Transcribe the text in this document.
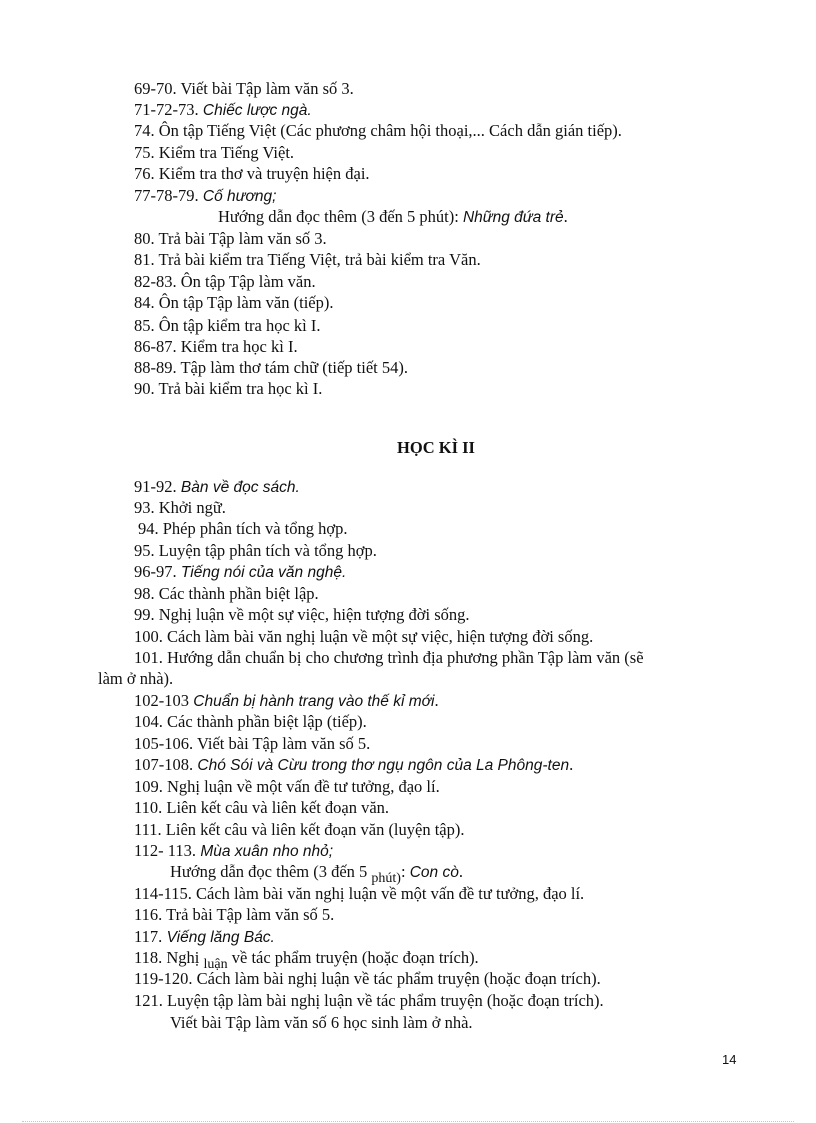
69-70. Viết bài Tập làm văn số 3.
71-72-73. Chiếc lược ngà.
74. Ôn tập Tiếng Việt (Các phương châm hội thoại,... Cách dẫn gián tiếp).
75. Kiểm tra Tiếng Việt.
76. Kiểm tra thơ và truyện hiện đại.
77-78-79. Cố hương;
Hướng dẫn đọc thêm (3 đến 5 phút): Những đứa trẻ.
80. Trả bài Tập làm văn số 3.
81. Trả bài kiểm tra Tiếng Việt, trả bài kiểm tra Văn.
82-83. Ôn tập Tập làm văn.
84. Ôn tập Tập làm văn (tiếp).
85. Ôn tập kiểm tra học kì I.
86-87. Kiểm tra học kì I.
88-89. Tập làm thơ tám chữ (tiếp tiết 54).
90. Trả bài kiểm tra học kì I.
91-92. Bàn về đọc sách.
93. Khởi ngữ.
94. Phép phân tích và tổng hợp.
95. Luyện tập phân tích và tổng hợp.
96-97. Tiếng nói của văn nghệ.
98. Các thành phần biệt lập.
99. Nghị luận về một sự việc, hiện tượng đời sống.
100. Cách làm bài văn nghị luận về một sự việc, hiện tượng đời sống.
101. Hướng dẫn chuẩn bị cho chương trình địa phương phần Tập làm văn (sẽ
làm ở nhà).
102-103 Chuẩn bị hành trang vào thế kỉ mới.
104. Các thành phần biệt lập (tiếp).
105-106. Viết bài Tập làm văn số 5.
107-108. Chó Sói và Cừu trong thơ ngụ ngôn của La Phông-ten.
109. Nghị luận về một vấn đề tư tưởng, đạo lí.
110. Liên kết câu và liên kết đoạn văn.
111. Liên kết câu và liên kết đoạn văn (luyện tập).
112- 113. Mùa xuân nho nhỏ;
Hướng dẫn đọc thêm (3 đến 5 $_{phút)}$: Con cò.
114-115. Cách làm bài văn nghị luận về một vấn đề tư tưởng, đạo lí.
116. Trả bài Tập làm văn số 5.
117. Viếng lăng Bác.
118. Nghị $_{luận}$ về tác phẩm truyện (hoặc đoạn trích).
119-120. Cách làm bài nghị luận về tác phẩm truyện (hoặc đoạn trích).
121. Luyện tập làm bài nghị luận về tác phẩm truyện (hoặc đoạn trích).
Viết bài Tập làm văn số 6 học sinh làm ở nhà.
HỌC KÌ II
14
